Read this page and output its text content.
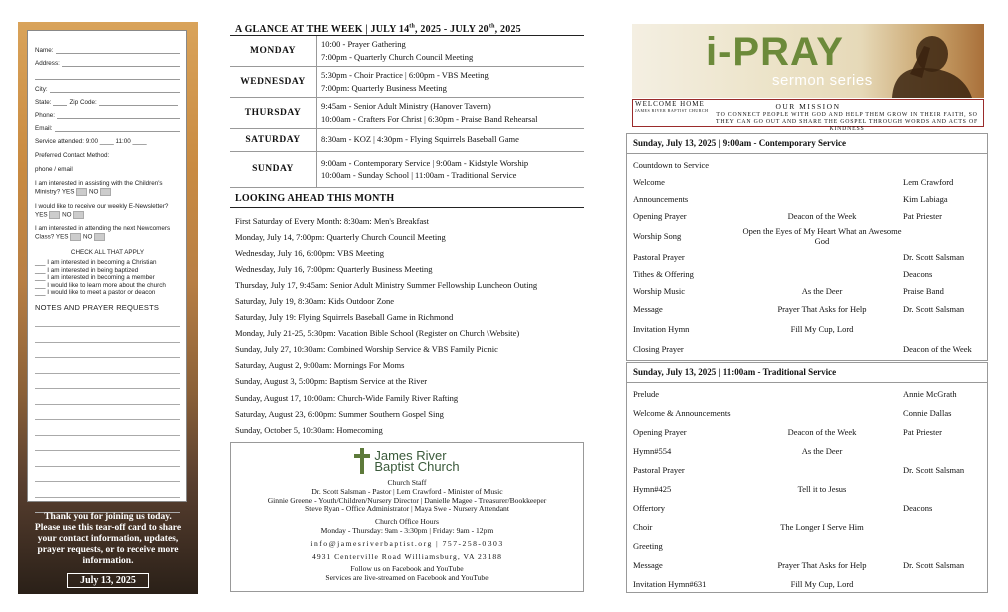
Name:
Address:
City:
State:	Zip Code:
Phone:
Email:
Service attended: 9:00 ____ 11:00 ____
Preferred Contact Method:
phone / email
I am interested in assisting with the Children's Ministry? YES NO
I would like to receive our weekly E-Newsletter? YES NO
I am interested in attending the next Newcomers Class? YES NO
CHECK ALL THAT APPLY
___ I am interested in becoming a Christian
___ I am interested in being baptized
___ I am interested in becoming a member
___ I would like to learn more about the church
___ I would like to meet a pastor or deacon
NOTES AND PRAYER REQUESTS
Thank you for joining us today. Please use this tear-off card to share your contact information, updates, prayer requests, or to receive more information.
July 13, 2025
A GLANCE AT THE WEEK | JULY 14th, 2025 - JULY 20th, 2025
MONDAY	10:00 - Prayer Gathering
7:00pm - Quarterly Church Council Meeting

WEDNESDAY	5:30pm - Choir Practice | 6:00pm - VBS Meeting
7:00pm: Quarterly Business Meeting

THURSDAY	9:45am - Senior Adult Ministry (Hanover Tavern)
10:00am - Crafters For Christ | 6:30pm - Praise Band Rehearsal

SATURDAY	8:30am - KOZ | 4:30pm - Flying Squirrels Baseball Game

SUNDAY	9:00am - Contemporary Service | 9:00am - Kidstyle Worship
10:00am - Sunday School | 11:00am - Traditional Service
LOOKING AHEAD THIS MONTH
First Saturday of Every Month: 8:30am: Men's Breakfast
Monday, July 14, 7:00pm: Quarterly Church Council Meeting
Wednesday, July 16, 6:00pm: VBS Meeting
Wednesday, July 16, 7:00pm: Quarterly Business Meeting
Thursday, July 17, 9:45am: Senior Adult Ministry Summer Fellowship Luncheon Outing
Saturday, July 19, 8:30am: Kids Outdoor Zone
Saturday, July 19: Flying Squirrels Baseball Game in Richmond
Monday, July 21-25, 5:30pm: Vacation Bible School (Register on Church \Website)
Sunday, July 27, 10:30am: Combined Worship Service & VBS Family Picnic
Saturday, August 2, 9:00am: Mornings For Moms
Sunday, August 3, 5:00pm: Baptism Service at the River
Sunday, August 17, 10:00am: Church-Wide Family River Rafting
Saturday, August 23, 6:00pm: Summer Southern Gospel Sing
Sunday, October 5, 10:30am: Homecoming
James River
Baptist Church
Church Staff
Dr. Scott Salsman - Pastor | Lem Crawford - Minister of Music
Ginnie Greene - Youth/Children/Nursery Director | Danielle Magee - Treasurer/Bookkeeper
Steve Ryan - Office Administrator | Maya Swe - Nursery Attendant
Church Office Hours
Monday - Thursday: 9am - 3:30pm | Friday: 9am - 12pm
info@jamesriverbaptist.org | 757-258-0303
4931 Centerville Road Williamsburg, VA 23188
Follow us on Facebook and YouTube
Services are live-streamed on Facebook and YouTube
i-PRAY
sermon series
WELCOME HOME
JAMES RIVER BAPTIST CHURCH	OUR MISSION
TO CONNECT PEOPLE WITH GOD AND HELP THEM GROW IN THEIR FAITH, SO THEY CAN GO OUT AND SHARE THE GOSPEL THROUGH WORDS AND ACTS OF KINDNESS
Sunday, July 13, 2025 | 9:00am - Contemporary Service
Countdown to Service
Welcome	Lem Crawford
Announcements	Kim Labiaga
Opening Prayer	Deacon of the Week	Pat Priester
Worship Song	Open the Eyes of My Heart What an Awesome God
Pastoral Prayer	Dr. Scott Salsman
Tithes & Offering	Deacons
Worship Music	As the Deer	Praise Band
Message	Prayer That Asks for Help	Dr. Scott Salsman
Invitation Hymn	Fill My Cup, Lord
Closing Prayer	Deacon of the Week
Sunday, July 13, 2025 | 11:00am - Traditional Service
Prelude	Annie McGrath
Welcome & Announcements	Connie Dallas
Opening Prayer	Deacon of the Week	Pat Priester
Hymn#554	As the Deer
Pastoral Prayer	Dr. Scott Salsman
Hymn#425	Tell it to Jesus
Offertory	Deacons
Choir	The Longer I Serve Him
Greeting
Message	Prayer That Asks for Help	Dr. Scott Salsman
Invitation Hymn#631	Fill My Cup, Lord
